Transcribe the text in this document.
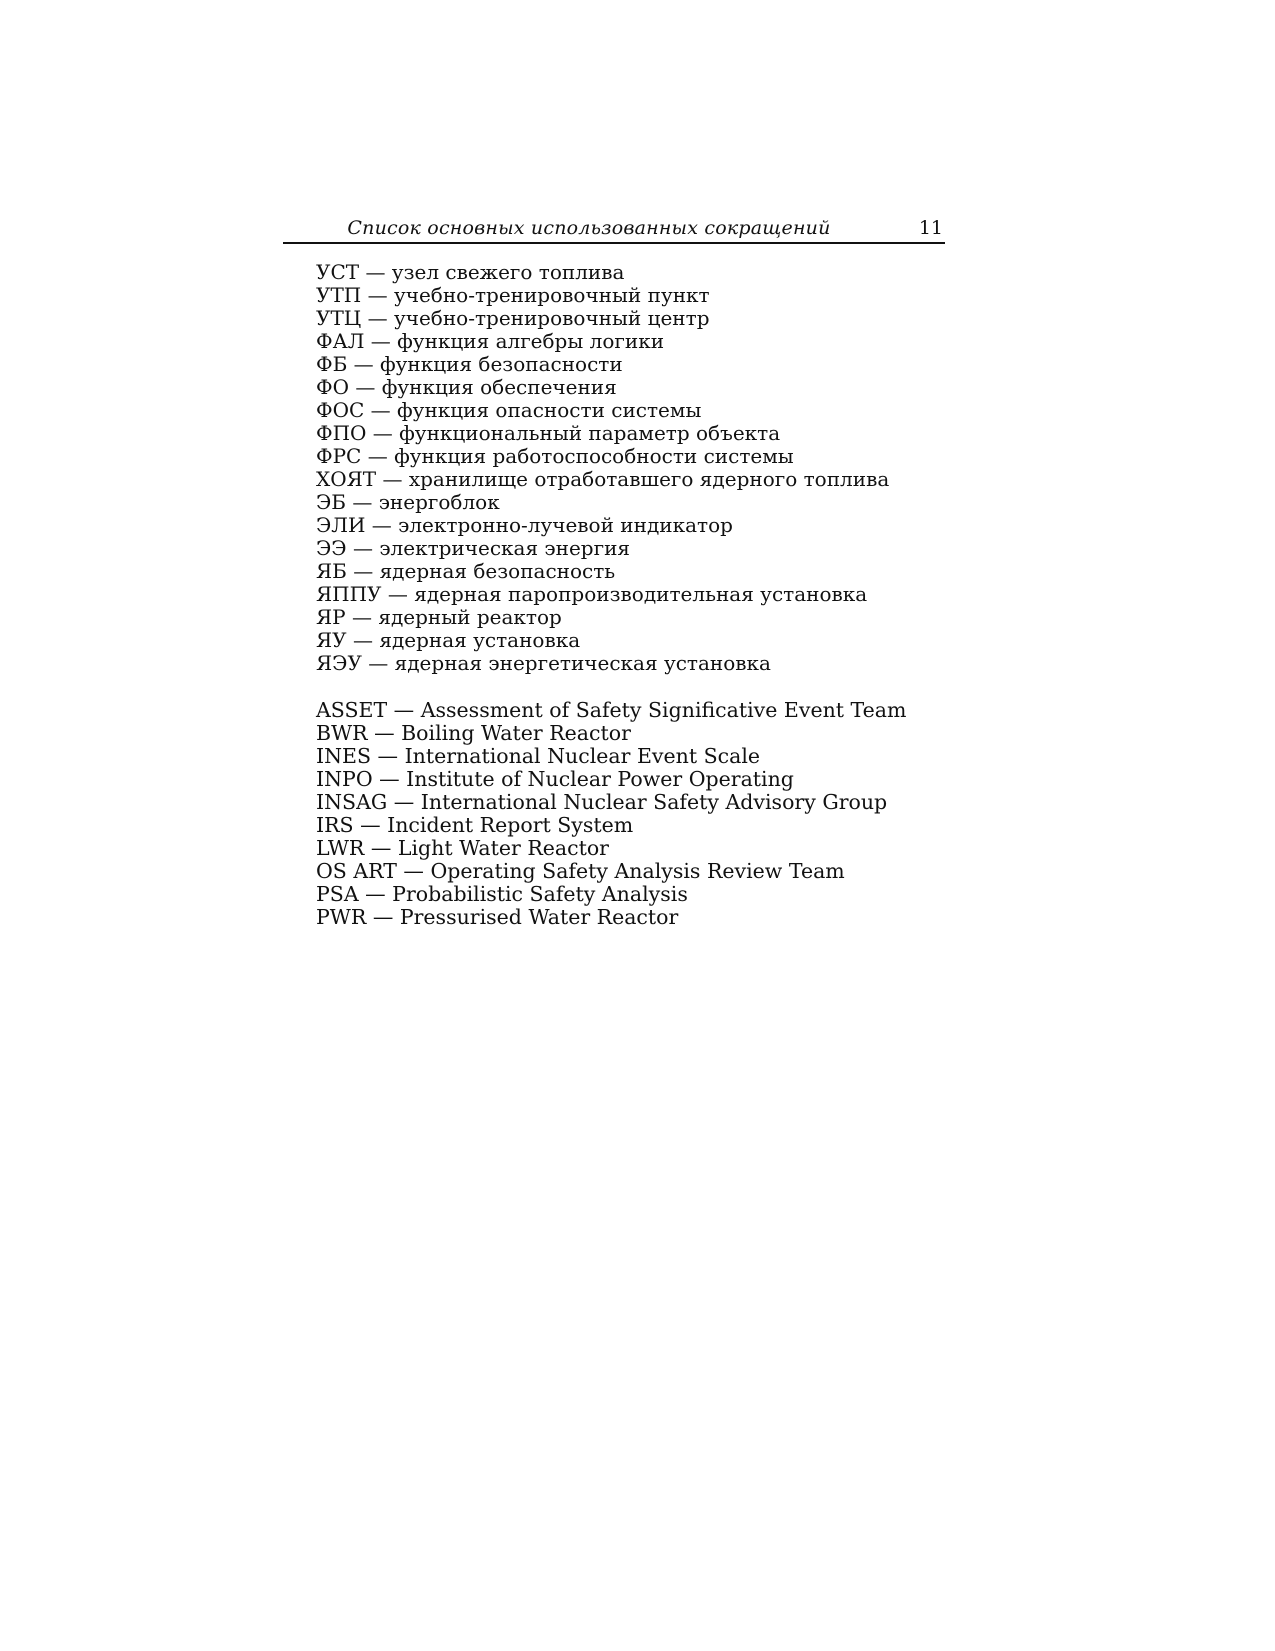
Список основных использованных сокращений	11
УСТ — узел свежего топлива
УТП — учебно-тренировочный пункт
УТЦ — учебно-тренировочный центр
ФАЛ — функция алгебры логики
ФБ — функция безопасности
ФО — функция обеспечения
ФОС — функция опасности системы
ФПО — функциональный параметр объекта
ФРС — функция работоспособности системы
ХОЯТ — хранилище отработавшего ядерного топлива
ЭБ — энергоблок
ЭЛИ — электронно-лучевой индикатор
ЭЭ — электрическая энергия
ЯБ — ядерная безопасность
ЯППУ — ядерная паропроизводительная установка
ЯР — ядерный реактор
ЯУ — ядерная установка
ЯЭУ — ядерная энергетическая установка
ASSET — Assessment of Safety Significative Event Team
BWR — Boiling Water Reactor
INES — International Nuclear Event Scale
INPO — Institute of Nuclear Power Operating
INSAG — International Nuclear Safety Advisory Group
IRS — Incident Report System
LWR — Light Water Reactor
OS ART — Operating Safety Analysis Review Team
PSA — Probabilistic Safety Analysis
PWR — Pressurised Water Reactor
